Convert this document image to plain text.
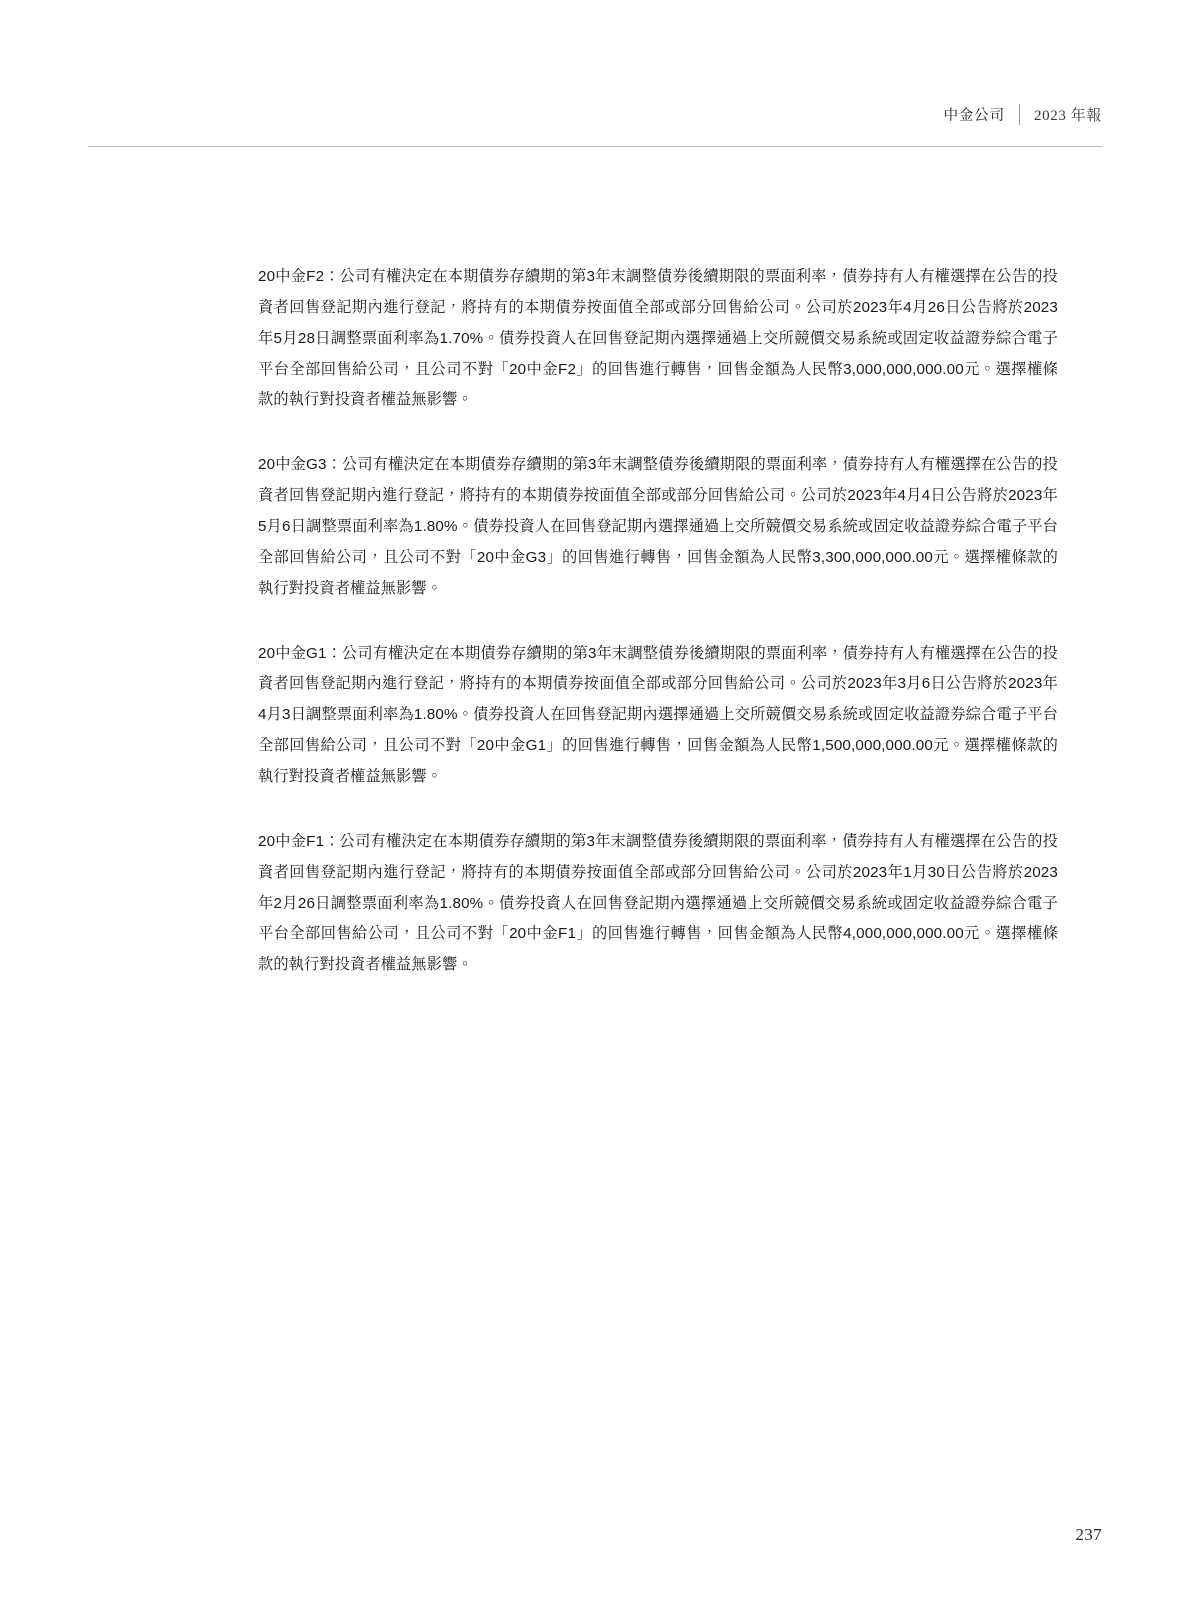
中金公司	2023 年報

20中金F2：公司有權決定在本期債券存續期的第3年末調整債券後續期限的票面利率，債券持有人有權選擇在公告的投資者回售登記期內進行登記，將持有的本期債券按面值全部或部分回售給公司。公司於2023年4月26日公告將於2023年5月28日調整票面利率為1.70%。債券投資人在回售登記期內選擇通過上交所競價交易系統或固定收益證券綜合電子平台全部回售給公司，且公司不對「20中金F2」的回售進行轉售，回售金額為人民幣3,000,000,000.00元。選擇權條款的執行對投資者權益無影響。

20中金G3：公司有權決定在本期債券存續期的第3年末調整債券後續期限的票面利率，債券持有人有權選擇在公告的投資者回售登記期內進行登記，將持有的本期債券按面值全部或部分回售給公司。公司於2023年4月4日公告將於2023年5月6日調整票面利率為1.80%。債券投資人在回售登記期內選擇通過上交所競價交易系統或固定收益證券綜合電子平台全部回售給公司，且公司不對「20中金G3」的回售進行轉售，回售金額為人民幣3,300,000,000.00元。選擇權條款的執行對投資者權益無影響。

20中金G1：公司有權決定在本期債券存續期的第3年末調整債券後續期限的票面利率，債券持有人有權選擇在公告的投資者回售登記期內進行登記，將持有的本期債券按面值全部或部分回售給公司。公司於2023年3月6日公告將於2023年4月3日調整票面利率為1.80%。債券投資人在回售登記期內選擇通過上交所競價交易系統或固定收益證券綜合電子平台全部回售給公司，且公司不對「20中金G1」的回售進行轉售，回售金額為人民幣1,500,000,000.00元。選擇權條款的執行對投資者權益無影響。

20中金F1：公司有權決定在本期債券存續期的第3年末調整債券後續期限的票面利率，債券持有人有權選擇在公告的投資者回售登記期內進行登記，將持有的本期債券按面值全部或部分回售給公司。公司於2023年1月30日公告將於2023年2月26日調整票面利率為1.80%。債券投資人在回售登記期內選擇通過上交所競價交易系統或固定收益證券綜合電子平台全部回售給公司，且公司不對「20中金F1」的回售進行轉售，回售金額為人民幣4,000,000,000.00元。選擇權條款的執行對投資者權益無影響。

237
